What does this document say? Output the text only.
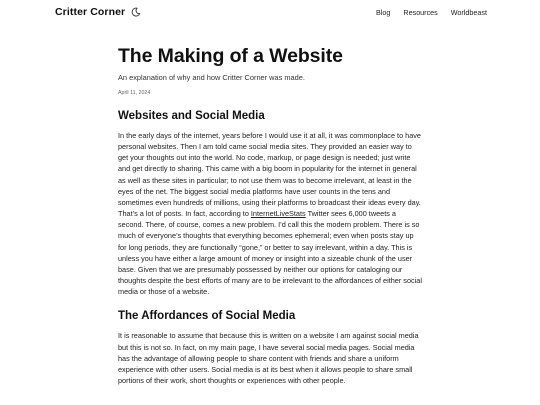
Critter Corner	Blog Resources Worldbeast
The Making of a Website

An explanation of why and how Critter Corner was made.

April 11, 2024

Websites and Social Media

In the early days of the internet, years before I would use it at all, it was commonplace to have personal websites. Then I am told came social media sites. They provided an easier way to get your thoughts out into the world. No code, markup, or page design is needed; just write and get directly to sharing. This came with a big boom in popularity for the internet in general as well as these sites in particular; to not use them was to become irrelevant, at least in the eyes of the net. The biggest social media platforms have user counts in the tens and sometimes even hundreds of millions, using their platforms to broadcast their ideas every day. That’s a lot of posts. In fact, according to InternetLiveStats Twitter sees 6,000 tweets a second. There, of course, comes a new problem. I’d call this the modern problem. There is so much of everyone’s thoughts that everything becomes ephemeral; even when posts stay up for long periods, they are functionally “gone,” or better to say irrelevant, within a day. This is unless you have either a large amount of money or insight into a sizeable chunk of the user base. Given that we are presumably possessed by neither our options for cataloging our thoughts despite the best efforts of many are to be irrelevant to the affordances of either social media or those of a website.

The Affordances of Social Media

It is reasonable to assume that because this is written on a website I am against social media but this is not so. In fact, on my main page, I have several social media pages. Social media has the advantage of allowing people to share content with friends and share a uniform experience with other users. Social media is at its best when it allows people to share small portions of their work, short thoughts or experiences with other people.
